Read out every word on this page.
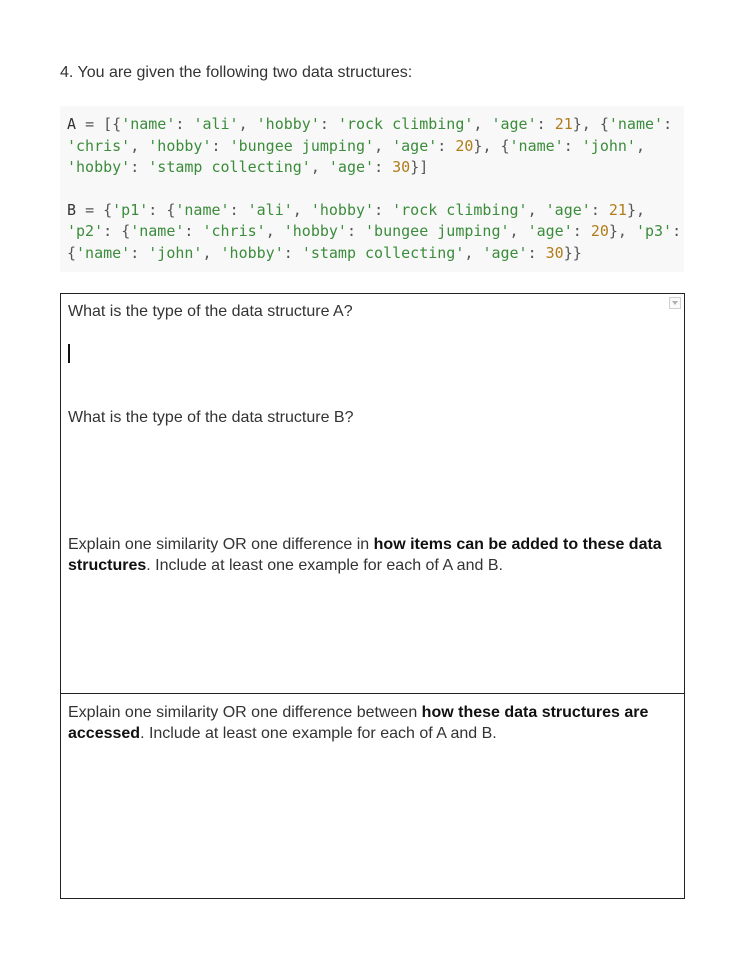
4. You are given the following two data structures:

A = [{'name': 'ali', 'hobby': 'rock climbing', 'age': 21}, {'name':
'chris', 'hobby': 'bungee jumping', 'age': 20}, {'name': 'john',
'hobby': 'stamp collecting', 'age': 30}]

B = {'p1': {'name': 'ali', 'hobby': 'rock climbing', 'age': 21},
'p2': {'name': 'chris', 'hobby': 'bungee jumping', 'age': 20}, 'p3':
{'name': 'john', 'hobby': 'stamp collecting', 'age': 30}}

What is the type of the data structure A?

What is the type of the data structure B?

Explain one similarity OR one difference in how items can be added to these data structures. Include at least one example for each of A and B.

Explain one similarity OR one difference between how these data structures are accessed. Include at least one example for each of A and B.
